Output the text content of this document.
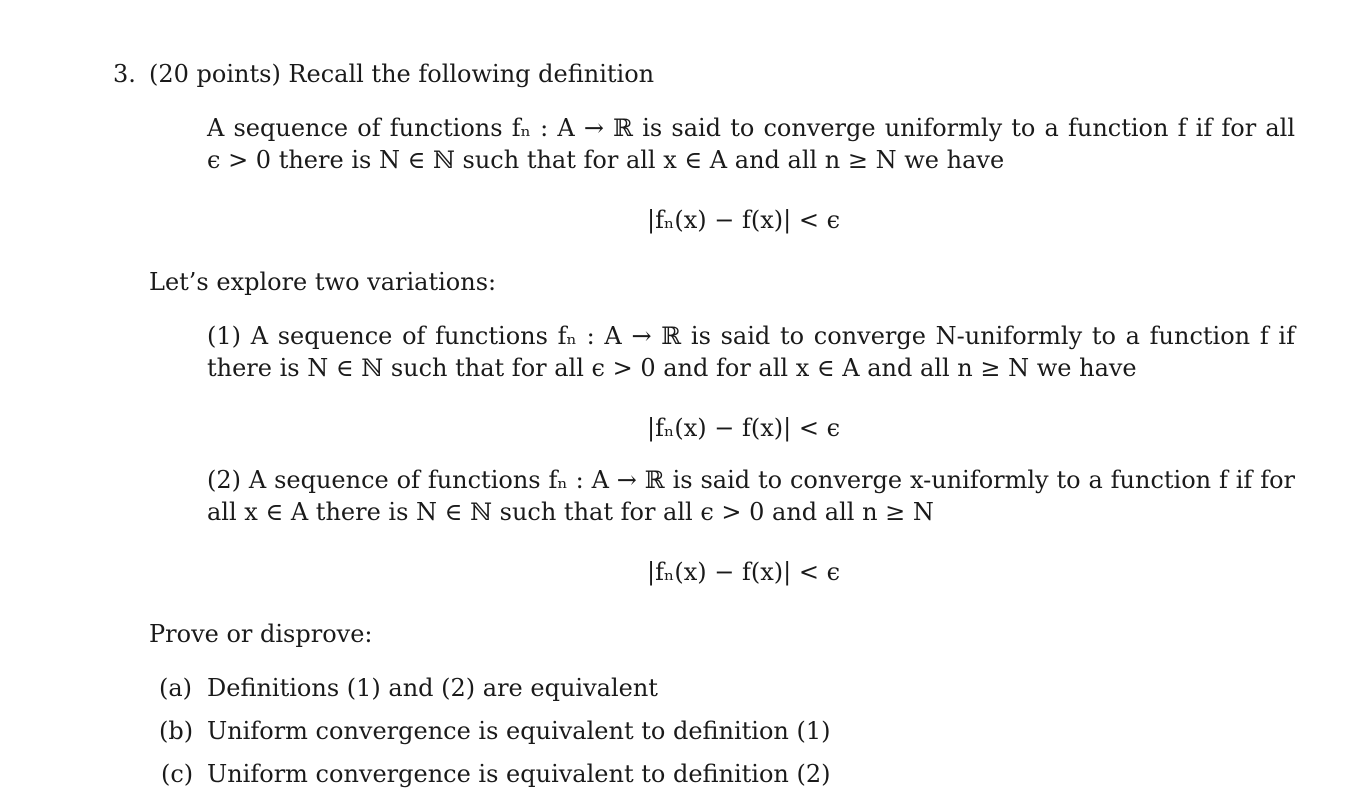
3. (20 points) Recall the following definition
A sequence of functions fₙ : A → ℝ is said to converge uniformly to a function f if for all
ϵ > 0 there is N ∈ ℕ such that for all x ∈ A and all n ≥ N we have
|fₙ(x) − f(x)| < ϵ
Let’s explore two variations:
(1) A sequence of functions fₙ : A → ℝ is said to converge N-uniformly to a function f if
there is N ∈ ℕ such that for all ϵ > 0 and for all x ∈ A and all n ≥ N we have
|fₙ(x) − f(x)| < ϵ
(2) A sequence of functions fₙ : A → ℝ is said to converge x-uniformly to a function f if for
all x ∈ A there is N ∈ ℕ such that for all ϵ > 0 and all n ≥ N
|fₙ(x) − f(x)| < ϵ
Prove or disprove:
(a) Definitions (1) and (2) are equivalent
(b) Uniform convergence is equivalent to definition (1)
(c) Uniform convergence is equivalent to definition (2)
